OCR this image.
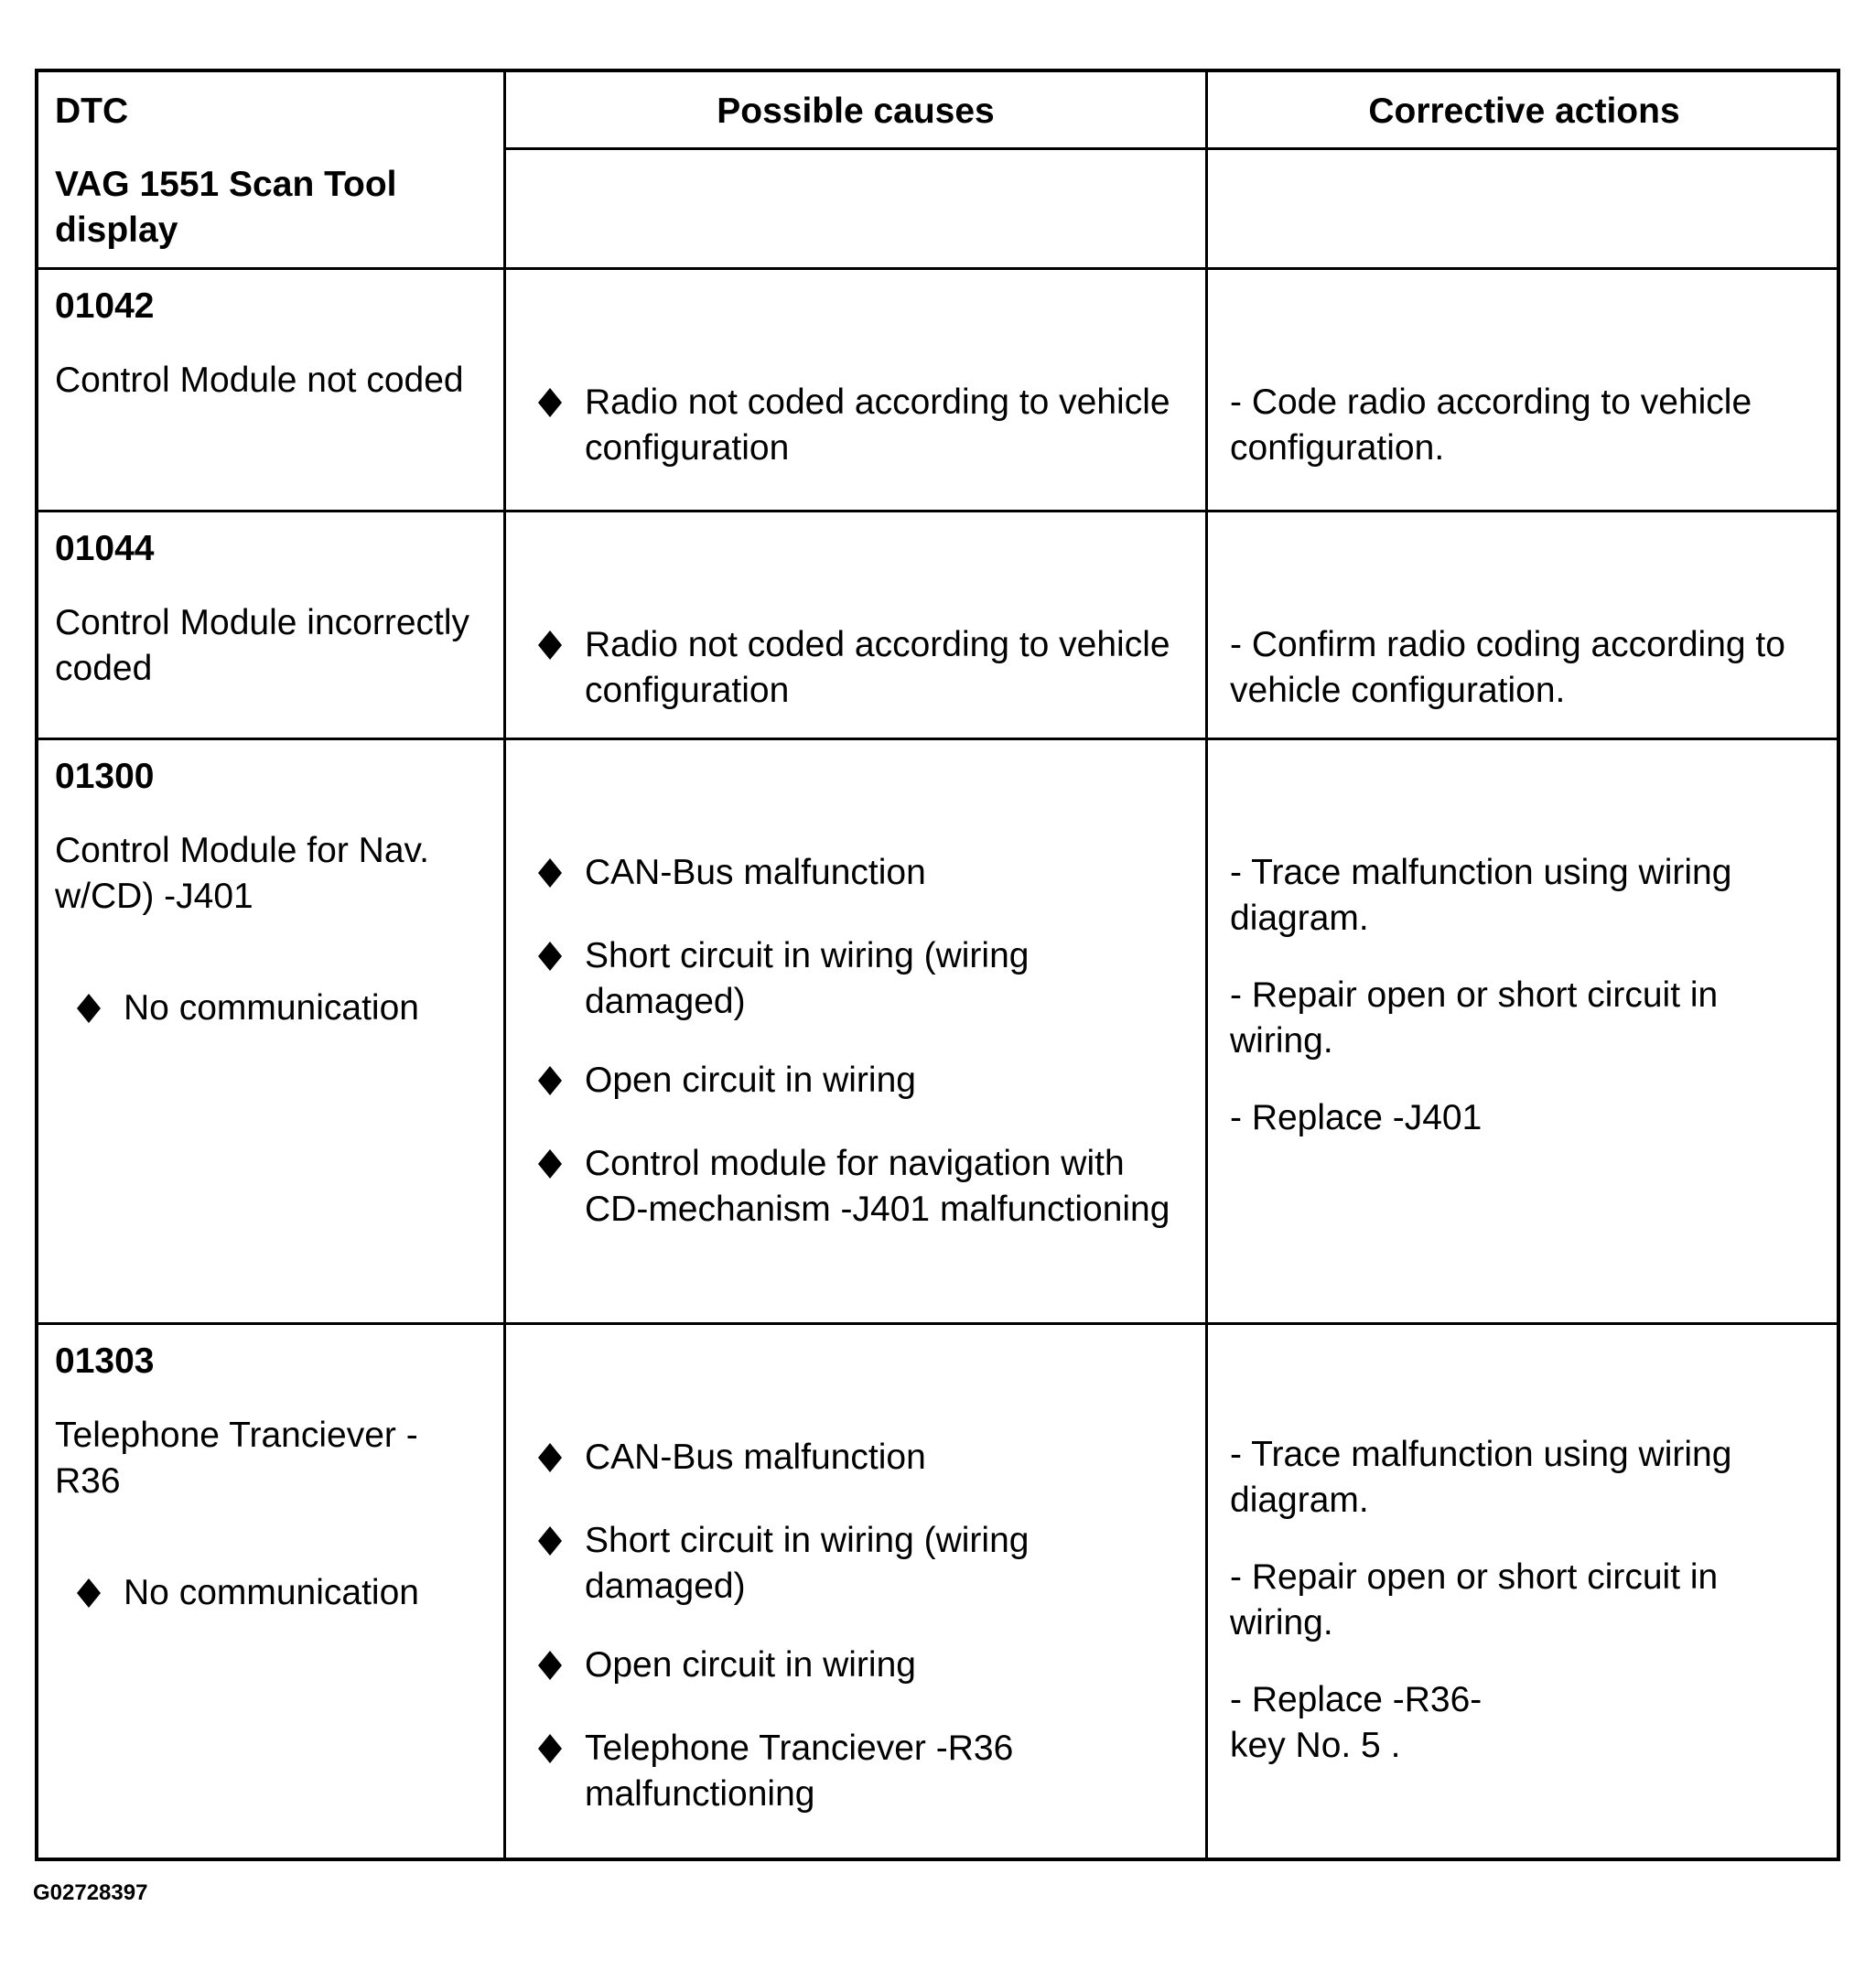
DTC
VAG 1551 Scan Tool display
Possible causes	Corrective actions
01042
Control Module not coded
Radio not coded according to vehicle configuration
- Code radio according to vehicle configuration.
01044
Control Module incorrectly coded
Radio not coded according to vehicle configuration
- Confirm radio coding according to vehicle configuration.
01300
Control Module for Nav. w/CD) -J401
No communication
CAN-Bus malfunction
Short circuit in wiring (wiring damaged)
Open circuit in wiring
Control module for navigation with CD-mechanism -J401 malfunctioning
- Trace malfunction using wiring diagram.
- Repair open or short circuit in wiring.
- Replace -J401
01303
Telephone Tranciever - R36
No communication
CAN-Bus malfunction
Short circuit in wiring (wiring damaged)
Open circuit in wiring
Telephone Tranciever -R36 malfunctioning
- Trace malfunction using wiring diagram.
- Repair open or short circuit in wiring.
- Replace -R36- key No. 5 .
G02728397
